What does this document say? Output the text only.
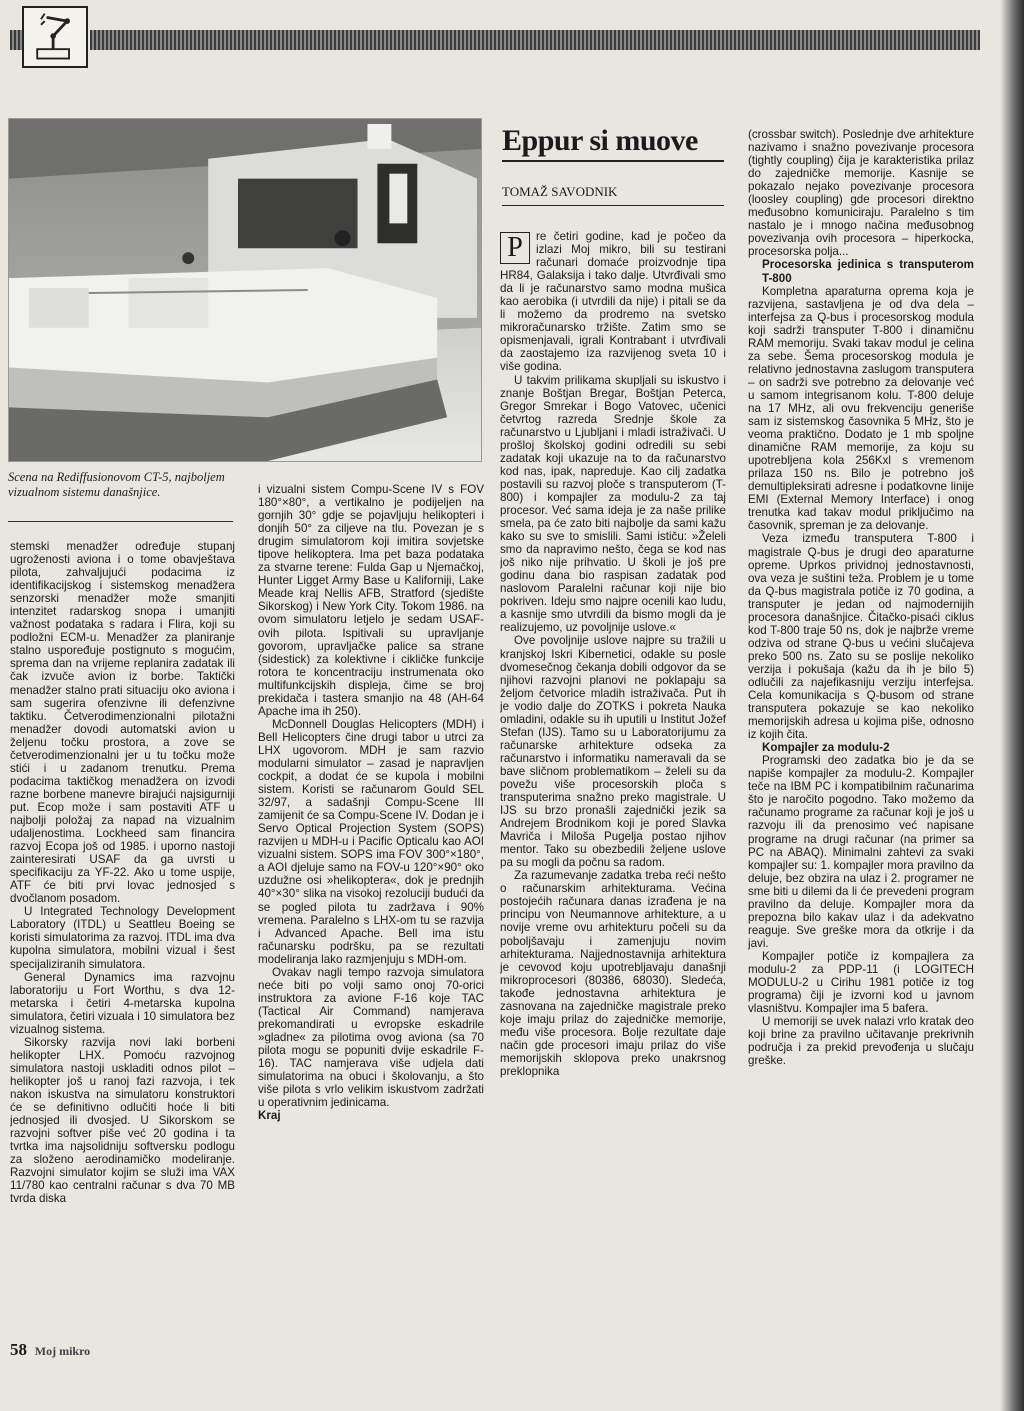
Scena na Rediffusionovom CT-5, najboljem vizualnom sistemu današnjice.

stemski menadžer određuje stupanj ugroženosti aviona i o tome obavještava pilota, zahvaljujući podacima iz identifikacijskog i sistemskog menadžera senzorski menadžer može smanjiti intenzitet radarskog snopa i umanjiti važnost podataka s radara i Flira, koji su podložni ECM-u. Menadžer za planiranje stalno uspoređuje postignuto s mogućim, sprema dan na vrijeme replanira zadatak ili čak izvuče avion iz borbe. Taktički menadžer stalno prati situaciju oko aviona i sam sugerira ofenzivne ili defenzivne taktiku. Četverodimenzionalni pilotažni menadžer dovodi automatski avion u željenu točku prostora, a zove se četverodimenzionalni jer u tu točku može stići i u zadanom trenutku. Prema podacima taktičkog menadžera on izvodi razne borbene manevre birajući najsigurniji put. Ecop može i sam postaviti ATF u najbolji položaj za napad na vizualnim udaljenostima. Lockheed sam financira razvoj Ecopa još od 1985. i uporno nastoji zainteresirati USAF da ga uvrsti u specifikaciju za YF-22. Ako u tome uspije, ATF će biti prvi lovac jednosjed s dvočlanom posadom.

U Integrated Technology Development Laboratory (ITDL) u Seattleu Boeing se koristi simulatorima za razvoj. ITDL ima dva kupolna simulatora, mobilni vizual i šest specijaliziranih simulatora.

General Dynamics ima razvojnu laboratoriju u Fort Worthu, s dva 12-metarska i četiri 4-metarska kupolna simulatora, četiri vizuala i 10 simulatora bez vizualnog sistema.

Sikorsky razvija novi laki borbeni helikopter LHX. Pomoću razvojnog simulatora nastoji uskladiti odnos pilot – helikopter još u ranoj fazi razvoja, i tek nakon iskustva na simulatoru konstruktori će se definitivno odlučiti hoće li biti jednosjed ili dvosjed. U Sikorskom se razvojni softver piše već 20 godina i ta tvrtka ima najsolidniju softversku podlogu za složeno aerodinamičko modeliranje. Razvojni simulator kojim se služi ima VAX 11/780 kao centralni računar s dva 70 MB tvrda diska

i vizualni sistem Compu-Scene IV s FOV 180°×80°, a vertikalno je podijeljen na gornjih 30° gdje se pojavljuju helikopteri i donjih 50° za ciljeve na tlu. Povezan je s drugim simulatorom koji imitira sovjetske tipove helikoptera. Ima pet baza podataka za stvarne terene: Fulda Gap u Njemačkoj, Hunter Ligget Army Base u Kaliforniji, Lake Meade kraj Nellis AFB, Stratford (sjedište Sikorskog) i New York City. Tokom 1986. na ovom simulatoru letjelo je sedam USAF-ovih pilota. Ispitivali su upravljanje govorom, upravljačke palice sa strane (sidestick) za kolektivne i cikličke funkcije rotora te koncentraciju instrumenata oko multifunkcijskih displeja, čime se broj prekidača i tastera smanjio na 48 (AH-64 Apache ima ih 250).

McDonnell Douglas Helicopters (MDH) i Bell Helicopters čine drugi tabor u utrci za LHX ugovorom. MDH je sam razvio modularni simulator – zasad je napravljen cockpit, a dodat će se kupola i mobilni sistem. Koristi se računarom Gould SEL 32/97, a sadašnji Compu-Scene III zamijenit će sa Compu-Scene IV. Dodan je i Servo Optical Projection System (SOPS) razvijen u MDH-u i Pacific Opticalu kao AOI vizualni sistem. SOPS ima FOV 300°×180°, a AOI djeluje samo na FOV-u 120°×90° oko uzdužne osi »helikoptera«, dok je prednjih 40°×30° slika na visokoj rezoluciji budući da se pogled pilota tu zadržava i 90% vremena. Paralelno s LHX-om tu se razvija i Advanced Apache. Bell ima istu računarsku podršku, pa se rezultati modeliranja lako razmjenjuju s MDH-om.

Ovakav nagli tempo razvoja simulatora neće biti po volji samo onoj 70-orici instruktora za avione F-16 koje TAC (Tactical Air Command) namjerava prekomandirati u evropske eskadrile »gladne« za pilotima ovog aviona (sa 70 pilota mogu se popuniti dvije eskadrile F-16). TAC namjerava više udjela dati simulatorima na obuci i školovanju, a što više pilota s vrlo velikim iskustvom zadržati u operativnim jedinicama.

Kraj

Eppur si muove
TOMAŽ SAVODNIK

P	re četiri godine, kad je počeo da izlazi Moj mikro, bili su testirani računari domaće proizvodnje tipa HR84, Galaksija i tako dalje. Utvrđivali smo da li je računarstvo samo modna mušica kao aerobika (i utvrdili da nije) i pitali se da li možemo da prodremo na svetsko mikroračunarsko tržište. Zatim smo se opismenjavali, igrali Kontrabant i utvrđivali da zaostajemo iza razvijenog sveta 10 i više godina.

U takvim prilikama skupljali su iskustvo i znanje Boštjan Bregar, Boštjan Peterca, Gregor Smrekar i Bogo Vatovec, učenici četvrtog razreda Srednje škole za računarstvo u Ljubljani i mladi istraživači. U prošloj školskoj godini odredili su sebi zadatak koji ukazuje na to da računarstvo kod nas, ipak, napreduje. Kao cilj zadatka postavili su razvoj ploče s transputerom (T-800) i kompajler za modulu-2 za taj procesor. Već sama ideja je za naše prilike smela, pa će zato biti najbolje da sami kažu kako su sve to smislili. Sami ističu: »Želeli smo da napravimo nešto, čega se kod nas još niko nije prihvatio. U školi je još pre godinu dana bio raspisan zadatak pod naslovom Paralelni računar koji nije bio pokriven. Ideju smo najpre ocenili kao ludu, a kasnije smo utvrdili da bismo mogli da je realizujemo, uz povoljnije uslove.«

Ove povoljnije uslove najpre su tražili u kranjskoj Iskri Kibernetici, odakle su posle dvomesečnog čekanja dobili odgovor da se njihovi razvojni planovi ne poklapaju sa željom četvorice mladih istraživača. Put ih je vodio dalje do ZOTKS i pokreta Nauka omladini, odakle su ih uputili u Institut Jožef Stefan (IJS). Tamo su u Laboratorijumu za računarske arhitekture odseka za računarstvo i informatiku nameravali da se bave sličnom problematikom – želeli su da povežu više procesorskih ploča s transputerima snažno preko magistrale. U IJS su brzo pronašli zajednički jezik sa Andrejem Brodnikom koji je pored Slavka Mavriča i Miloša Pugelja postao njihov mentor. Tako su obezbedili željene uslove pa su mogli da počnu sa radom.

Za razumevanje zadatka treba reći nešto o računarskim arhitekturama. Većina postojećih računara danas izrađena je na principu von Neumannove arhitekture, a u novije vreme ovu arhitekturu počeli su da poboljšavaju i zamenjuju novim arhitekturama. Najjednostavnija arhitektura je cevovod koju upotrebljavaju današnji mikroprocesori (80386, 68030). Sledeća, takođe jednostavna arhitektura je zasnovana na zajedničke magistrale preko koje imaju prilaz do zajedničke memorije, među više procesora. Bolje rezultate daje način gde procesori imaju prilaz do više memorijskih sklopova preko unakrsnog preklopnika

(crossbar switch). Poslednje dve arhitekture nazivamo i snažno povezivanje procesora (tightly coupling) čija je karakteristika prilaz do zajedničke memorije. Kasnije se pokazalo nejako povezivanje procesora (loosley coupling) gde procesori direktno međusobno komuniciraju. Paralelno s tim nastalo je i mnogo načina međusobnog povezivanja ovih procesora – hiperkocka, procesorska polja...

Procesorska jedinica s transputerom T-800

Kompletna aparaturna oprema koja je razvijena, sastavljena je od dva dela – interfejsa za Q-bus i procesorskog modula koji sadrži transputer T-800 i dinamičnu RAM memoriju. Svaki takav modul je celina za sebe. Šema procesorskog modula je relativno jednostavna zaslugom transputera – on sadrži sve potrebno za delovanje već u samom integrisanom kolu. T-800 deluje na 17 MHz, ali ovu frekvenciju generiše sam iz sistemskog časovnika 5 MHz, što je veoma praktično. Dodato je 1 mb spoljne dinamične RAM memorije, za koju su upotrebljena kola 256Kxl s vremenom prilaza 150 ns. Bilo je potrebno još demultipleksirati adresne i podatkovne linije EMI (External Memory Interface) i onog trenutka kad takav modul priključimo na časovnik, spreman je za delovanje.

Veza između transputera T-800 i magistrale Q-bus je drugi deo aparaturne opreme. Uprkos prividnoj jednostavnosti, ova veza je suštini teža. Problem je u tome da Q-bus magistrala potiče iz 70 godina, a transputer je jedan od najmodernijih procesora današnjice. Čitačko-pisaći ciklus kod T-800 traje 50 ns, dok je najbrže vreme odziva od strane Q-bus u većini slučajeva preko 500 ns. Zato su se poslije nekoliko verzija i pokušaja (kažu da ih je bilo 5) odlučili za najefikasniju verziju interfejsa. Cela komunikacija s Q-busom od strane transputera pokazuje se kao nekoliko memorijskih adresa u kojima piše, odnosno iz kojih čita.

Kompajler za modulu-2

Programski deo zadatka bio je da se napiše kompajler za modulu-2. Kompajler teče na IBM PC i kompatibilnim računarima što je naročito pogodno. Tako možemo da računamo programe za računar koji je još u razvoju ili da prenosimo već napisane programe na drugi računar (na primer sa PC na ABAQ). Minimalni zahtevi za svaki kompajler su: 1. kompajler mora pravilno da deluje, bez obzira na ulaz i 2. programer ne sme biti u dilemi da li će prevedeni program pravilno da deluje. Kompajler mora da prepozna bilo kakav ulaz i da adekvatno reaguje. Sve greške mora da otkrije i da javi.

Kompajler potiče iz kompajlera za modulu-2 za PDP-11 (i LOGITECH MODULU-2 u Cirihu 1981 potiče iz tog programa) čiji je izvorni kod u javnom vlasništvu. Kompajler ima 5 bafera.

U memoriji se uvek nalazi vrlo kratak deo koji brine za pravilno učitavanje prekrivnih područja i za prekid prevođenja u slučaju greške.

58 Moj mikro
